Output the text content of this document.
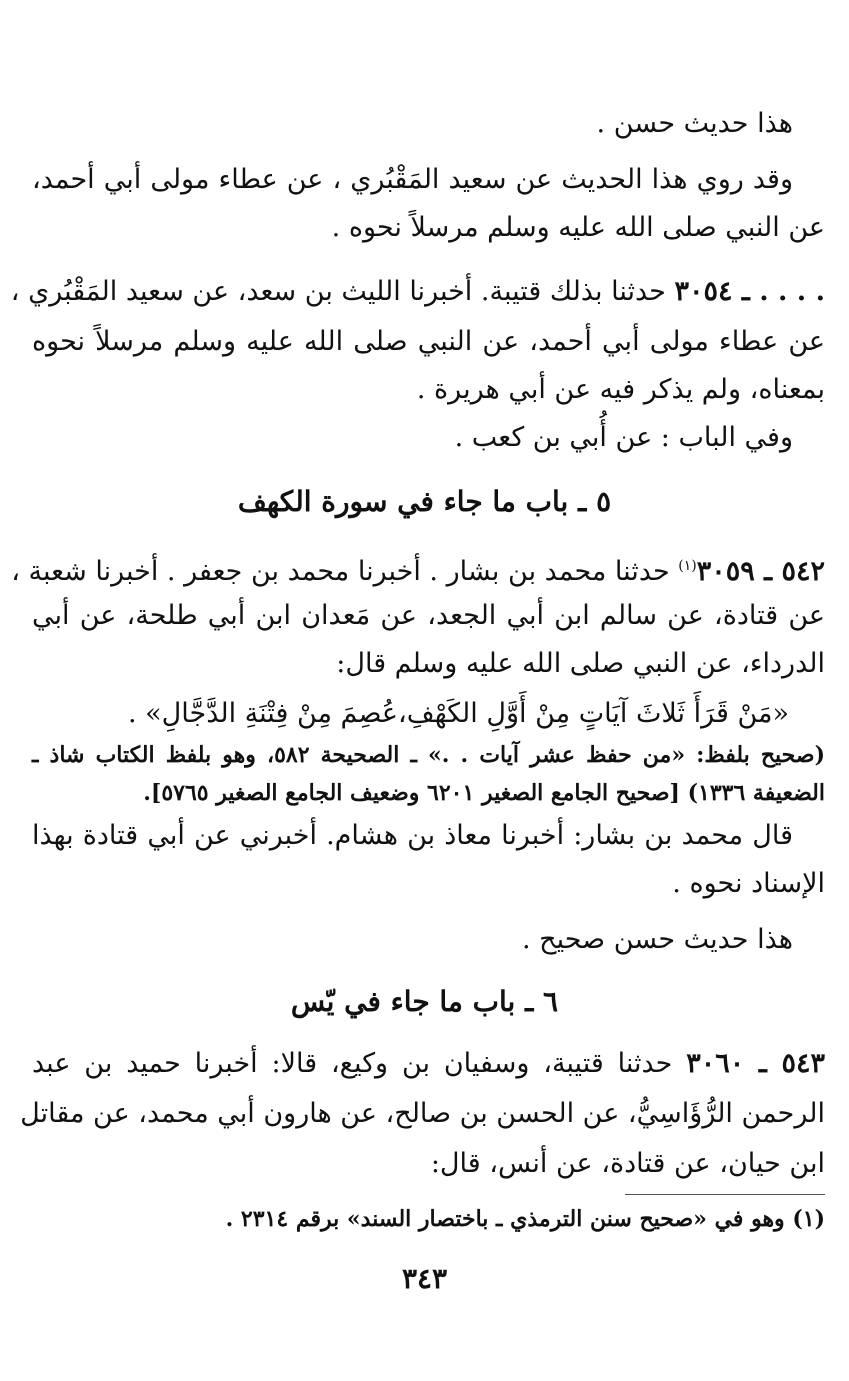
هذا حديث حسن .
وقد روي هذا الحديث عن سعيد المَقْبُري ، عن عطاء مولى أبي أحمد،
عن النبي صلى الله عليه وسلم مرسلاً نحوه .
. . . . ـ ٣٠٥٤ حدثنا بذلك قتيبة. أخبرنا الليث بن سعد، عن سعيد المَقْبُري ،
عن عطاء مولى أبي أحمد، عن النبي صلى الله عليه وسلم مرسلاً نحوه
بمعناه، ولم يذكر فيه عن أبي هريرة .
وفي الباب : عن أُبي بن كعب .
٥ ـ باب ما جاء في سورة الكهف
٥٤٢ ـ ٣٠٥٩$^{(١)}$ حدثنا محمد بن بشار . أخبرنا محمد بن جعفر . أخبرنا شعبة ،
عن قتادة، عن سالم ابن أبي الجعد، عن مَعدان ابن أبي طلحة، عن أبي
الدرداء، عن النبي صلى الله عليه وسلم قال:
«مَنْ قَرَأَ ثَلاثَ آيَاتٍ مِنْ أَوَّلِ الكَهْفِ،عُصِمَ مِنْ فِتْنَةِ الدَّجَّالِ» .
(صحيح بلفظ: «من حفظ عشر آيات . .» ـ الصحيحة ٥٨٢، وهو بلفظ الكتاب شاذ ـ
الضعيفة ١٣٣٦) [صحيح الجامع الصغير ٦٢٠١ وضعيف الجامع الصغير ٥٧٦٥].
قال محمد بن بشار: أخبرنا معاذ بن هشام. أخبرني عن أبي قتادة بهذا
الإسناد نحوه .
هذا حديث حسن صحيح .
٦ ـ باب ما جاء في يّس
٥٤٣ ـ ٣٠٦٠ حدثنا قتيبة، وسفيان بن وكيع، قالا: أخبرنا حميد بن عبد
الرحمن الرُّؤَاسِيُّ، عن الحسن بن صالح، عن هارون أبي محمد، عن مقاتل
ابن حيان، عن قتادة، عن أنس، قال:
(١) وهو في «صحيح سنن الترمذي ـ باختصار السند» برقم ٢٣١٤ .
٣٤٣
